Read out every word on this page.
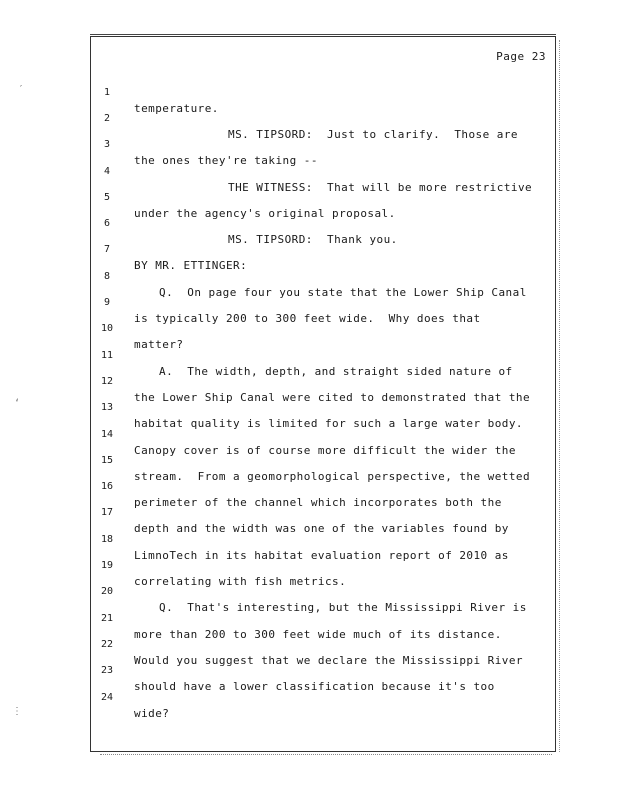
Page 23

1

temperature.

2

MS. TIPSORD:  Just to clarify.  Those are

3

the ones they're taking --

4

THE WITNESS:  That will be more restrictive

5

under the agency's original proposal.

6

MS. TIPSORD:  Thank you.

7

BY MR. ETTINGER:

8

Q.  On page four you state that the Lower Ship Canal

9

is typically 200 to 300 feet wide.  Why does that

10

matter?

11

A.  The width, depth, and straight sided nature of

12

the Lower Ship Canal were cited to demonstrated that the

13

habitat quality is limited for such a large water body.

14

Canopy cover is of course more difficult the wider the

15

stream.  From a geomorphological perspective, the wetted

16

perimeter of the channel which incorporates both the

17

depth and the width was one of the variables found by

18

LimnoTech in its habitat evaluation report of 2010 as

19

correlating with fish metrics.

20

Q.  That's interesting, but the Mississippi River is

21

more than 200 to 300 feet wide much of its distance.

22

Would you suggest that we declare the Mississippi River

23

should have a lower classification because it's too

24

wide?

′
‘
⋮
